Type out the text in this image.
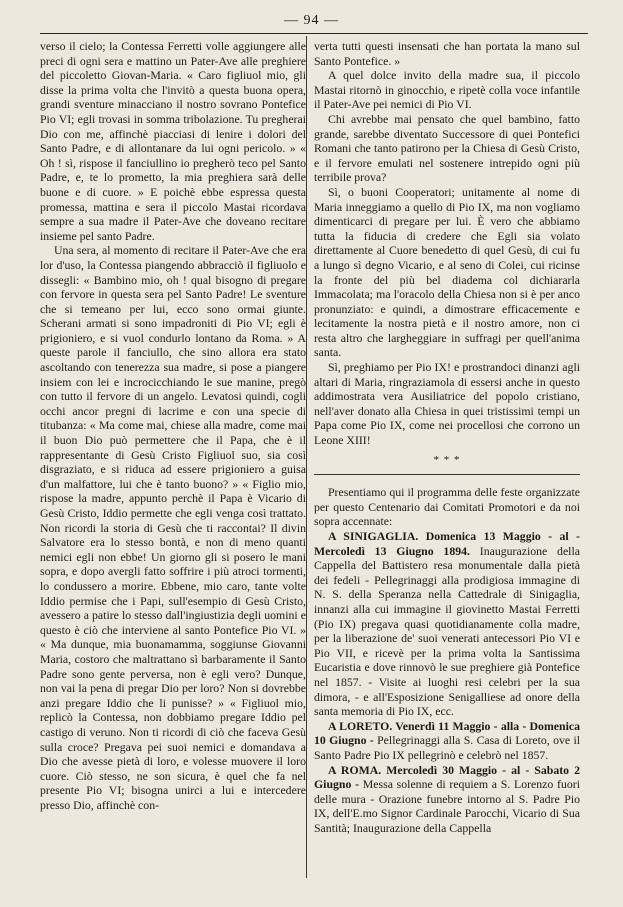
— 94 —

verso il cielo; la Contessa Ferretti volle aggiungere alle preci di ogni sera e mattino un Pater-Ave alle preghiere del piccoletto Giovan-Maria. « Caro figliuol mio, gli disse la prima volta che l'invitò a questa buona opera, grandi sventure minacciano il nostro sovrano Pontefice Pio VI; egli trovasi in somma tribolazione. Tu pregherai Dio con me, affinchè piacciasi di lenire i dolori del Santo Padre, e di allontanare da lui ogni pericolo. » « Oh ! sì, rispose il fanciullino io pregherò teco pel Santo Padre, e, te lo prometto, la mia preghiera sarà delle buone e di cuore. » E poichè ebbe espressa questa promessa, mattina e sera il piccolo Mastai ricordava sempre a sua madre il Pater-Ave che doveano recitare insieme pel santo Padre.

Una sera, al momento di recitare il Pater-Ave che era lor d'uso, la Contessa piangendo abbracciò il figliuolo e dissegli: « Bambino mio, oh ! qual bisogno di pregare con fervore in questa sera pel Santo Padre! Le sventure che si temeano per lui, ecco sono ormai giunte. Scherani armati si sono impadroniti di Pio VI; egli è prigioniero, e si vuol condurlo lontano da Roma. » A queste parole il fanciullo, che sino allora era stato ascoltando con tenerezza sua madre, si pose a piangere insiem con lei e incrocicchiando le sue manine, pregò con tutto il fervore di un angelo. Levatosi quindi, cogli occhi ancor pregni di lacrime e con una specie di titubanza: « Ma come mai, chiese alla madre, come mai il buon Dio può permettere che il Papa, che è il rappresentante di Gesù Cristo Figliuol suo, sia così disgraziato, e si riduca ad essere prigioniero a guisa d'un malfattore, lui che è tanto buono? » « Figlio mio, rispose la madre, appunto perchè il Papa è Vicario di Gesù Cristo, Iddio permette che egli venga così trattato. Non ricordi la storia di Gesù che ti raccontai? Il divin Salvatore era lo stesso bontà, e non di meno quanti nemici egli non ebbe! Un giorno gli si posero le mani sopra, e dopo avergli fatto soffrire i più atroci tormenti, lo condussero a morire. Ebbene, mio caro, tante volte Iddio permise che i Papi, sull'esempio di Gesù Cristo, avessero a patire lo stesso dall'ingiustizia degli uomini e questo è ciò che interviene al santo Pontefice Pio VI. » « Ma dunque, mia buonamamma, soggiunse Giovanni Maria, costoro che maltrattano sì barbaramente il Santo Padre sono gente perversa, non è egli vero? Dunque, non vai la pena di pregar Dio per loro? Non si dovrebbe anzi pregare Iddio che li punisse? » « Figliuol mio, replicò la Contessa, non dobbiamo pregare Iddio pel castigo di veruno. Non ti ricordi di ciò che faceva Gesù sulla croce? Pregava pei suoi nemici e domandava a Dio che avesse pietà di loro, e volesse muovere il loro cuore. Ciò stesso, ne son sicura, è quel che fa nel presente Pio VI; bisogna unirci a lui e intercedere presso Dio, affinchè con-

verta tutti questi insensati che han portata la mano sul Santo Pontefice. »

A quel dolce invito della madre sua, il piccolo Mastai ritornò in ginocchio, e ripetè colla voce infantile il Pater-Ave pei nemici di Pio VI.

Chi avrebbe mai pensato che quel bambino, fatto grande, sarebbe diventato Successore di quei Pontefici Romani che tanto patirono per la Chiesa di Gesù Cristo, e il fervore emulati nel sostenere intrepido ogni più terribile prova?

Sì, o buoni Cooperatori; unitamente al nome di Maria inneggiamo a quello di Pio IX, ma non vogliamo dimenticarci di pregare per lui. È vero che abbiamo tutta la fiducia di credere che Egli sia volato direttamente al Cuore benedetto di quel Gesù, di cui fu a lungo sì degno Vicario, e al seno di Colei, cui ricinse la fronte del più bel diadema col dichiararla Immacolata; ma l'oracolo della Chiesa non si è per anco pronunziato: e quindi, a dimostrare efficacemente e lecitamente la nostra pietà e il nostro amore, non ci resta altro che largheggiare in suffragi per quell'anima santa.

Sì, preghiamo per Pio IX! e prostrandoci dinanzi agli altari di Maria, ringraziamola di essersi anche in questo addimostrata vera Ausiliatrice del popolo cristiano, nell'aver donato alla Chiesa in quei tristissimi tempi un Papa come Pio IX, come nei procellosi che corrono un Leone XIII!

* * *

Presentiamo qui il programma delle feste organizzate per questo Centenario dai Comitati Promotori e da noi sopra accennate:

A SINIGAGLIA. Domenica 13 Maggio - al - Mercoledì 13 Giugno 1894. Inaugurazione della Cappella del Battistero resa monumentale dalla pietà dei fedeli - Pellegrinaggi alla prodigiosa immagine di N. S. della Speranza nella Cattedrale di Sinigaglia, innanzi alla cui immagine il giovinetto Mastai Ferretti (Pio IX) pregava quasi quotidianamente colla madre, per la liberazione de' suoi venerati antecessori Pio VI e Pio VII, e ricevè per la prima volta la Santissima Eucaristia e dove rinnovò le sue preghiere già Pontefice nel 1857. - Visite ai luoghi resi celebri per la sua dimora, - e all'Esposizione Senigalliese ad onore della santa memoria di Pio IX, ecc.

A LORETO. Venerdì 11 Maggio - alla - Domenica 10 Giugno - Pellegrinaggi alla S. Casa di Loreto, ove il Santo Padre Pio IX pellegrinò e celebrò nel 1857.

A ROMA. Mercoledì 30 Maggio - al - Sabato 2 Giugno - Messa solenne di requiem a S. Lorenzo fuori delle mura - Orazione funebre intorno al S. Padre Pio IX, dell'E.mo Signor Cardinale Parocchi, Vicario di Sua Santità; Inaugurazione della Cappella
